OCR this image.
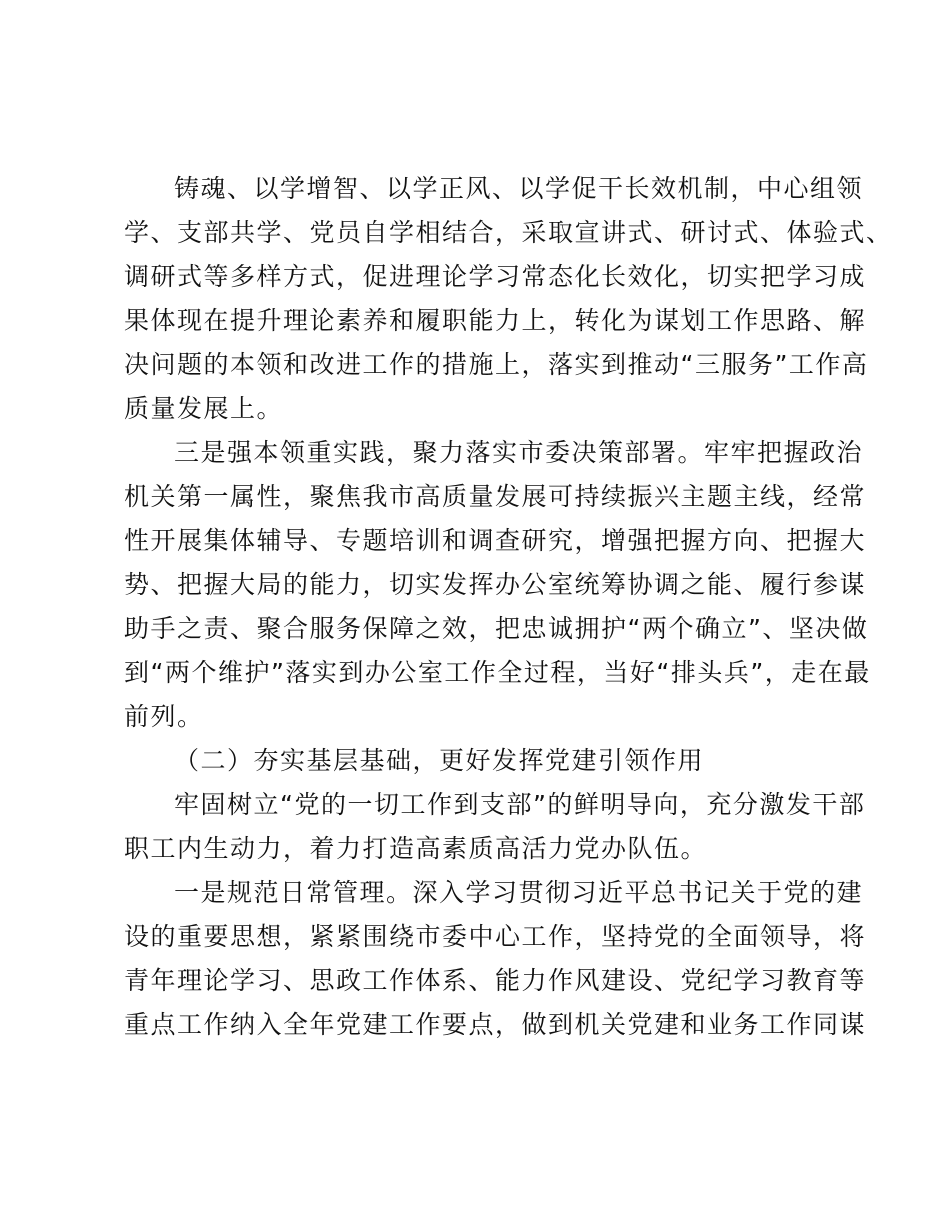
铸魂、以学增智、以学正风、以学促干长效机制，中心组领
学、支部共学、党员自学相结合，采取宣讲式、研讨式、体验式、
调研式等多样方式，促进理论学习常态化长效化，切实把学习成
果体现在提升理论素养和履职能力上，转化为谋划工作思路、解
决问题的本领和改进工作的措施上，落实到推动“三服务”工作高
质量发展上。
三是强本领重实践，聚力落实市委决策部署。牢牢把握政治
机关第一属性，聚焦我市高质量发展可持续振兴主题主线，经常
性开展集体辅导、专题培训和调查研究，增强把握方向、把握大
势、把握大局的能力，切实发挥办公室统筹协调之能、履行参谋
助手之责、聚合服务保障之效，把忠诚拥护“两个确立”、坚决做
到“两个维护”落实到办公室工作全过程，当好“排头兵”，走在最
前列。
（二）夯实基层基础，更好发挥党建引领作用
牢固树立“党的一切工作到支部”的鲜明导向，充分激发干部
职工内生动力，着力打造高素质高活力党办队伍。
一是规范日常管理。深入学习贯彻习近平总书记关于党的建
设的重要思想，紧紧围绕市委中心工作，坚持党的全面领导，将
青年理论学习、思政工作体系、能力作风建设、党纪学习教育等
重点工作纳入全年党建工作要点，做到机关党建和业务工作同谋
